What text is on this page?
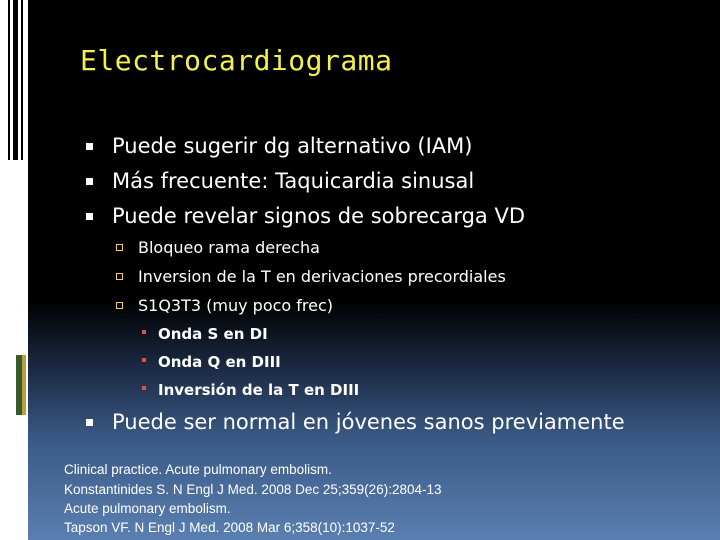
Electrocardiograma
Puede sugerir dg alternativo (IAM)
Más frecuente: Taquicardia sinusal
Puede revelar signos de sobrecarga VD
Bloqueo rama derecha
Inversion de la T en derivaciones precordiales
S1Q3T3 (muy poco frec)
Onda S en DI
Onda Q en DIII
Inversión de la T en DIII
Puede ser normal en jóvenes sanos previamente
Clinical practice. Acute pulmonary embolism.
Konstantinides S. N Engl J Med. 2008 Dec 25;359(26):2804-13
Acute pulmonary embolism.
Tapson VF. N Engl J Med. 2008 Mar 6;358(10):1037-52
